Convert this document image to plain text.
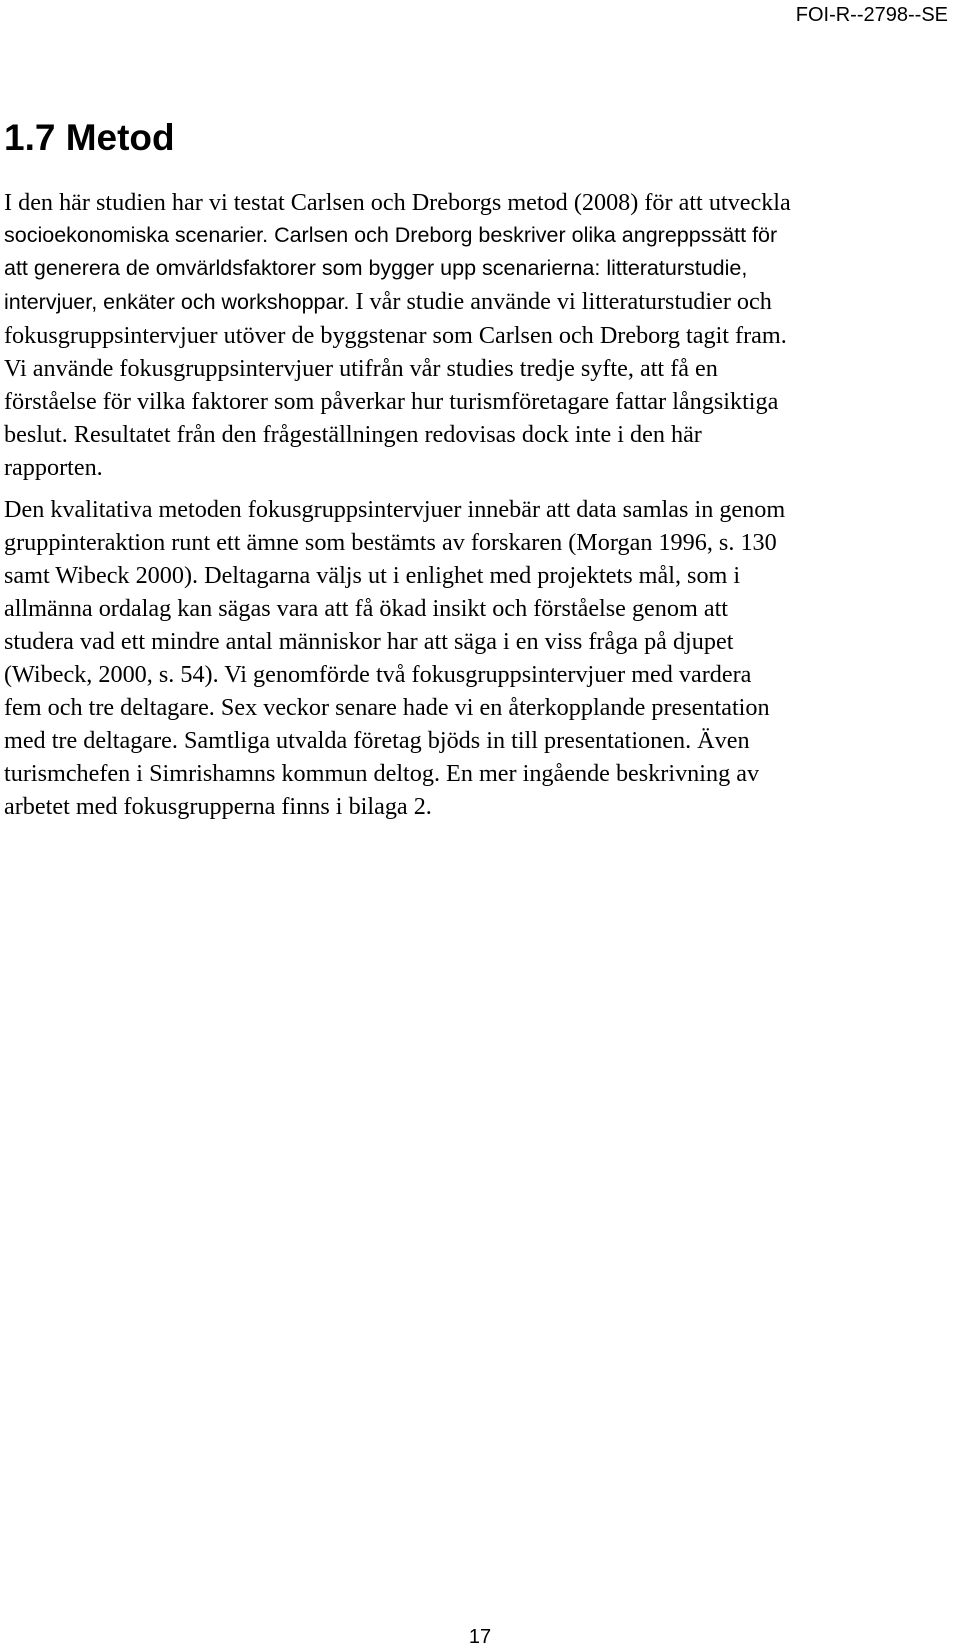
FOI-R--2798--SE
1.7 Metod

I den här studien har vi testat Carlsen och Dreborgs metod (2008) för att utveckla
socioekonomiska scenarier. Carlsen och Dreborg beskriver olika angreppssätt för
att generera de omvärldsfaktorer som bygger upp scenarierna: litteraturstudie,
intervjuer, enkäter och workshoppar. I vår studie använde vi litteraturstudier och
fokusgruppsintervjuer utöver de byggstenar som Carlsen och Dreborg tagit fram.
Vi använde fokusgruppsintervjuer utifrån vår studies tredje syfte, att få en
förståelse för vilka faktorer som påverkar hur turismföretagare fattar långsiktiga
beslut. Resultatet från den frågeställningen redovisas dock inte i den här
rapporten.

Den kvalitativa metoden fokusgruppsintervjuer innebär att data samlas in genom
gruppinteraktion runt ett ämne som bestämts av forskaren (Morgan 1996, s. 130
samt Wibeck 2000). Deltagarna väljs ut i enlighet med projektets mål, som i
allmänna ordalag kan sägas vara att få ökad insikt och förståelse genom att
studera vad ett mindre antal människor har att säga i en viss fråga på djupet
(Wibeck, 2000, s. 54). Vi genomförde två fokusgruppsintervjuer med vardera
fem och tre deltagare. Sex veckor senare hade vi en återkopplande presentation
med tre deltagare. Samtliga utvalda företag bjöds in till presentationen. Även
turismchefen i Simrishamns kommun deltog. En mer ingående beskrivning av
arbetet med fokusgrupperna finns i bilaga 2.

17
